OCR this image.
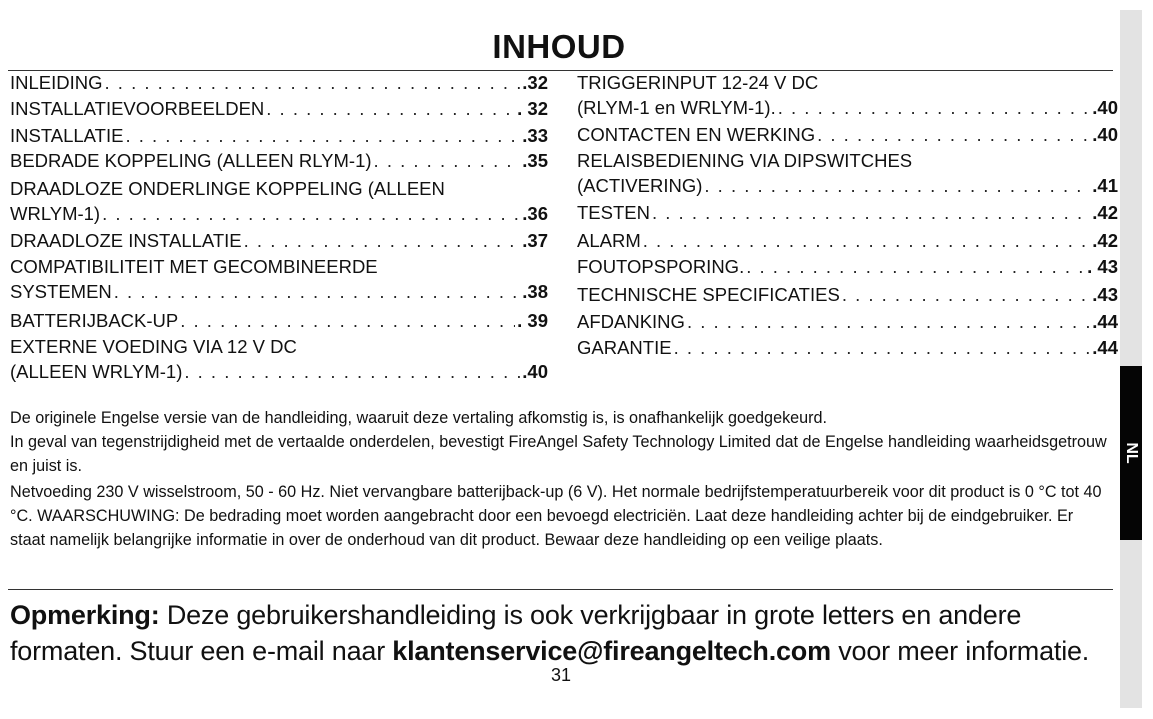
INHOUD
INLEIDING . . .	.32
INSTALLATIEVOORBEELDEN . . .	. 32
INSTALLATIE . . .	.33
BEDRADE KOPPELING (ALLEEN RLYM-1) . . .	.35
DRAADLOZE ONDERLINGE KOPPELING (ALLEEN
WRLYM-1) . . .	.36
DRAADLOZE INSTALLATIE . . .	.37
COMPATIBILITEIT MET GECOMBINEERDE
SYSTEMEN . . .	.38
BATTERIJBACK-UP . . .	. 39
EXTERNE VOEDING VIA 12 V DC
(ALLEEN WRLYM-1) . . .	.40
TRIGGERINPUT 12-24 V DC
(RLYM-1 en WRLYM-1). . . .	.40
CONTACTEN EN WERKING . . .	.40
RELAISBEDIENING VIA DIPSWITCHES
(ACTIVERING) . . .	.41
TESTEN . . .	.42
ALARM . . .	.42
FOUTOPSPORING. . . .	. 43
TECHNISCHE SPECIFICATIES . . .	.43
AFDANKING . . .	.44
GARANTIE . . .	.44

De originele Engelse versie van de handleiding, waaruit deze vertaling afkomstig is, is onafhankelijk goedgekeurd.

In geval van tegenstrijdigheid met de vertaalde onderdelen, bevestigt FireAngel Safety Technology Limited dat de Engelse handleiding waarheidsgetrouw en juist is.

Netvoeding 230 V wisselstroom, 50 - 60 Hz. Niet vervangbare batterijback-up (6 V). Het normale bedrijfstemperatuurbereik voor dit product is 0 °C tot 40 °C. WAARSCHUWING: De bedrading moet worden aangebracht door een bevoegd electriciën. Laat deze handleiding achter bij de eindgebruiker. Er staat namelijk belangrijke informatie in over de onderhoud van dit product. Bewaar deze handleiding op een veilige plaats.

Opmerking: Deze gebruikershandleiding is ook verkrijgbaar in grote letters en andere formaten. Stuur een e-mail naar klantenservice@fireangeltech.com voor meer informatie.
31
NL
